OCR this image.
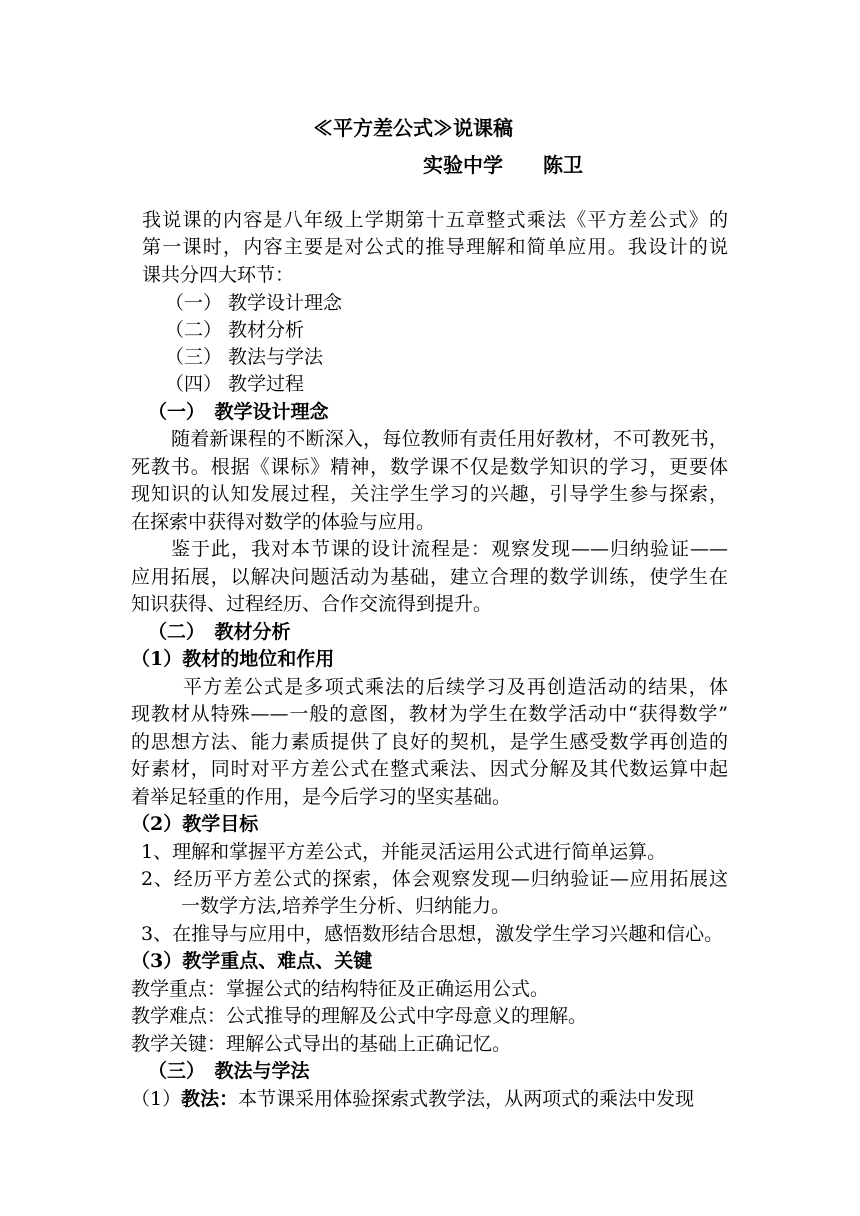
≪平方差公式≫说课稿
实验中学　　陈卫
我说课的内容是八年级上学期第十五章整式乘法《平方差公式》的
第一课时，内容主要是对公式的推导理解和简单应用。我设计的说
课共分四大环节：
（一） 教学设计理念
（二） 教材分析
（三） 教法与学法
（四） 教学过程
（一）　教学设计理念
随着新课程的不断深入，每位教师有责任用好教材，不可教死书，
死教书。根据《课标》精神，数学课不仅是数学知识的学习，更要体
现知识的认知发展过程，关注学生学习的兴趣，引导学生参与探索，
在探索中获得对数学的体验与应用。
鉴于此，我对本节课的设计流程是：观察发现——归纳验证——
应用拓展，以解决问题活动为基础，建立合理的数学训练，使学生在
知识获得、过程经历、合作交流得到提升。
（二）　教材分析
（1）教材的地位和作用
平方差公式是多项式乘法的后续学习及再创造活动的结果，体
现教材从特殊——一般的意图，教材为学生在数学活动中“获得数学”
的思想方法、能力素质提供了良好的契机，是学生感受数学再创造的
好素材，同时对平方差公式在整式乘法、因式分解及其代数运算中起
着举足轻重的作用，是今后学习的坚实基础。
（2）教学目标
1、理解和掌握平方差公式，并能灵活运用公式进行简单运算。
2、经历平方差公式的探索，体会观察发现—归纳验证—应用拓展这
一数学方法,培养学生分析、归纳能力。
3、在推导与应用中，感悟数形结合思想，激发学生学习兴趣和信心。
（3）教学重点、难点、关键
教学重点：掌握公式的结构特征及正确运用公式。
教学难点：公式推导的理解及公式中字母意义的理解。
教学关键：理解公式导出的基础上正确记忆。
（三）　教法与学法
（1）教法：本节课采用体验探索式教学法，从两项式的乘法中发现
